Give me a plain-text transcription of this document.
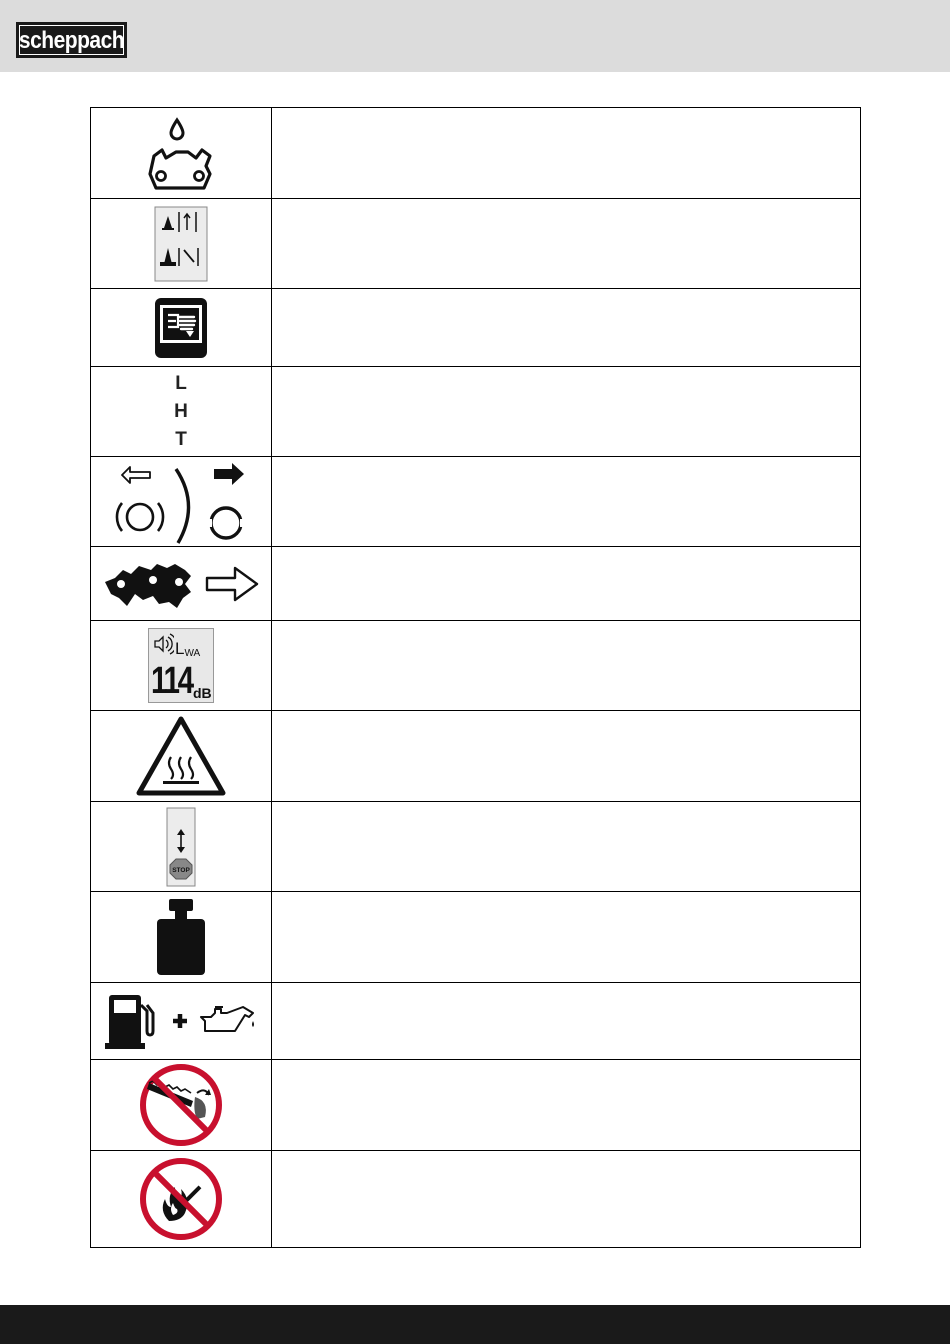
scheppach

L
H
T	

$L_{WA}$
114 dB	

STOP	
